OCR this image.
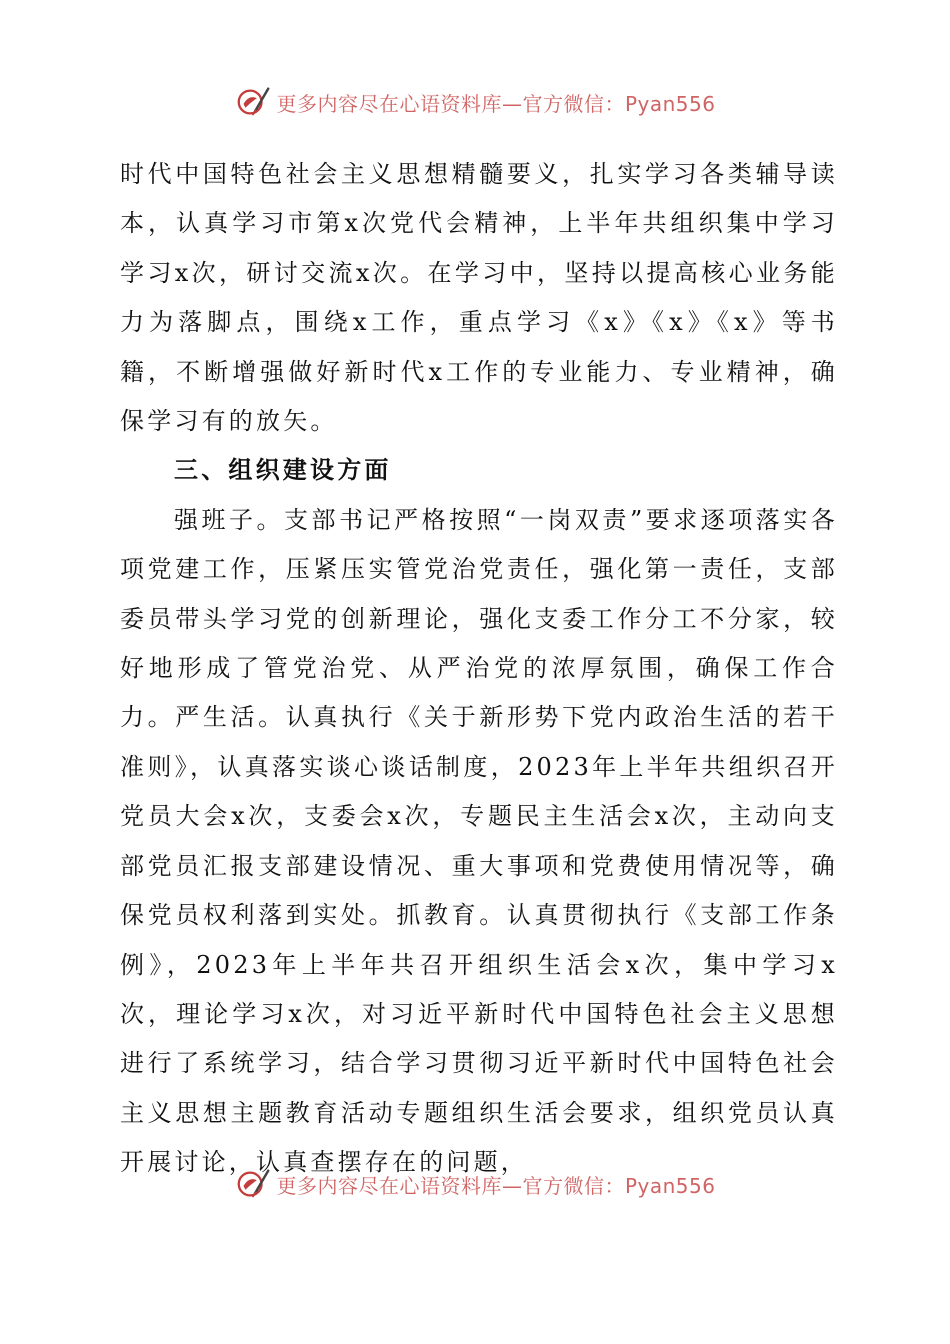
更多内容尽在心语资料库—官方微信：Pyan556

时代中国特色社会主义思想精髓要义，扎实学习各类辅导读本，认真学习市第x次党代会精神，上半年共组织集中学习学习x次，研讨交流x次。在学习中，坚持以提高核心业务能力为落脚点，围绕x工作，重点学习《x》《x》《x》等书籍，不断增强做好新时代x工作的专业能力、专业精神，确保学习有的放矢。

三、组织建设方面

强班子。支部书记严格按照“一岗双责”要求逐项落实各项党建工作，压紧压实管党治党责任，强化第一责任，支部委员带头学习党的创新理论，强化支委工作分工不分家，较好地形成了管党治党、从严治党的浓厚氛围，确保工作合力。严生活。认真执行《关于新形势下党内政治生活的若干准则》，认真落实谈心谈话制度，2023年上半年共组织召开党员大会x次，支委会x次，专题民主生活会x次，主动向支部党员汇报支部建设情况、重大事项和党费使用情况等，确保党员权利落到实处。抓教育。认真贯彻执行《支部工作条例》，2023年上半年共召开组织生活会x次，集中学习x次，理论学习x次，对习近平新时代中国特色社会主义思想进行了系统学习，结合学习贯彻习近平新时代中国特色社会主义思想主题教育活动专题组织生活会要求，组织党员认真开展讨论，认真查摆存在的问题，

更多内容尽在心语资料库—官方微信：Pyan556
